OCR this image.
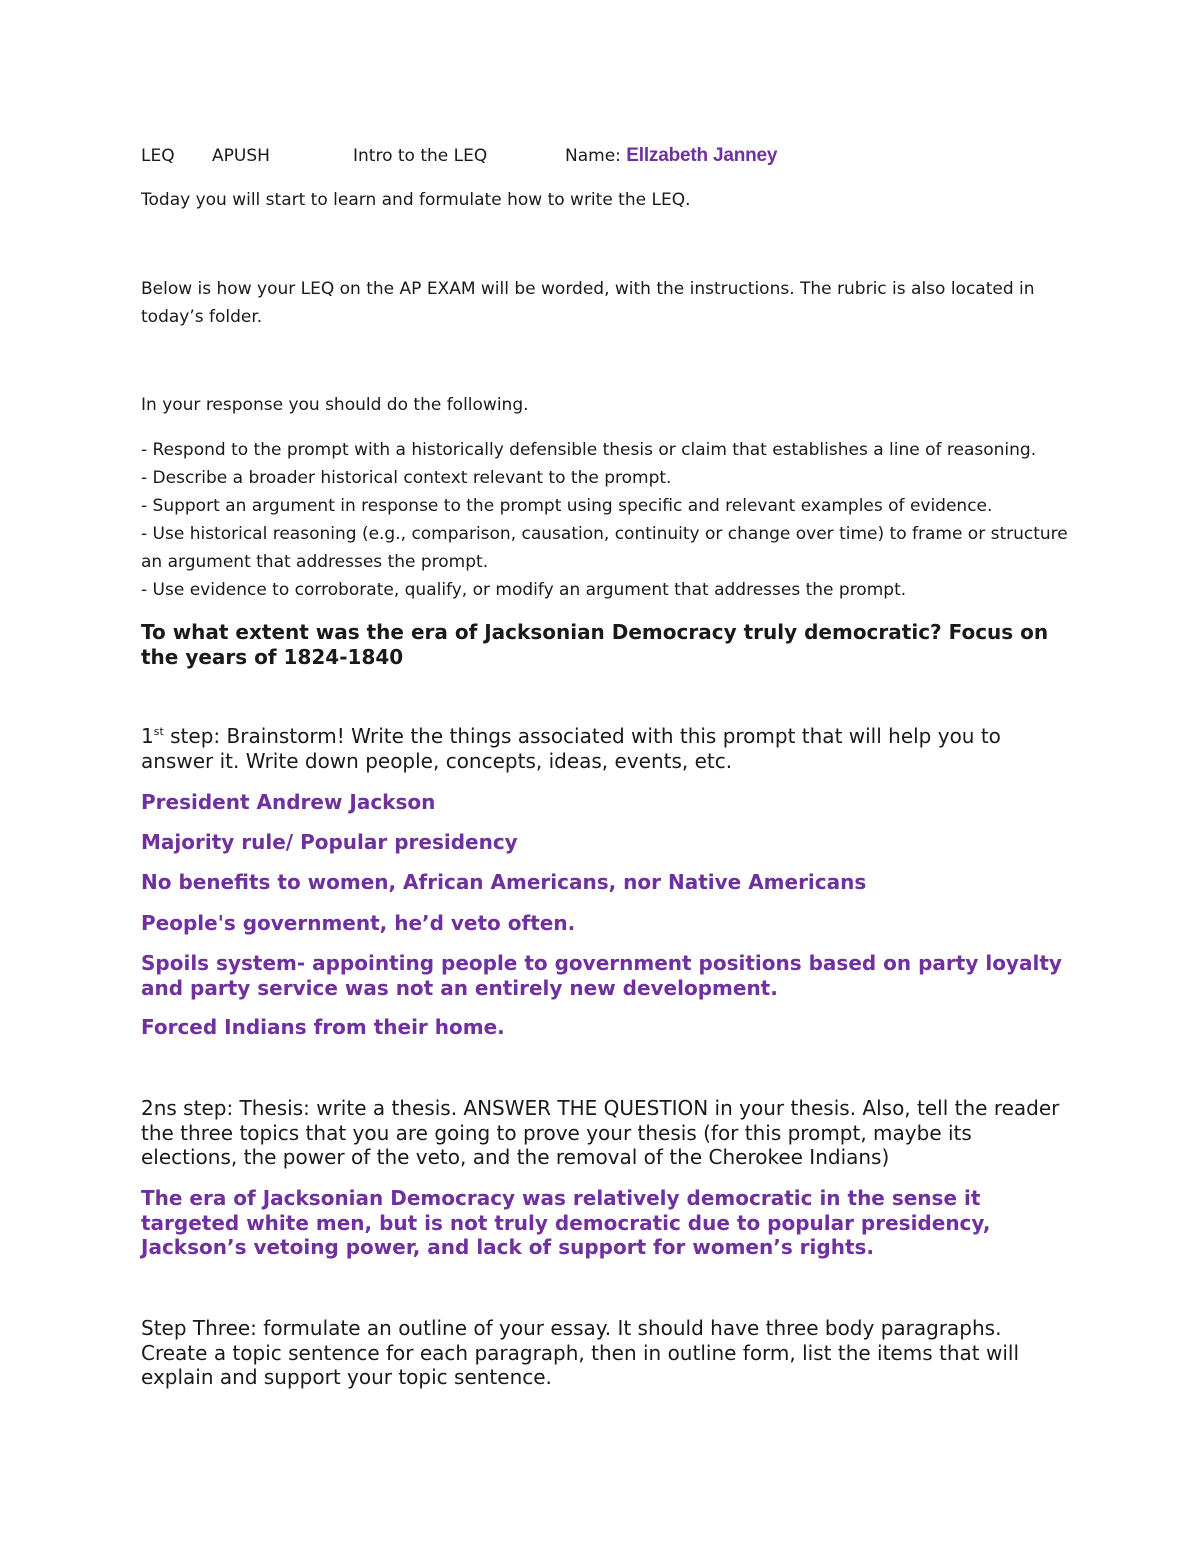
LEQ APUSH	Intro to the LEQ	Name: Ellzabeth Janney

Today you will start to learn and formulate how to write the LEQ.

Below is how your LEQ on the AP EXAM will be worded, with the instructions. The rubric is also located in today’s folder.

In your response you should do the following.

- Respond to the prompt with a historically defensible thesis or claim that establishes a line of reasoning.
- Describe a broader historical context relevant to the prompt.
- Support an argument in response to the prompt using specific and relevant examples of evidence.
- Use historical reasoning (e.g., comparison, causation, continuity or change over time) to frame or structure an argument that addresses the prompt.
- Use evidence to corroborate, qualify, or modify an argument that addresses the prompt.

To what extent was the era of Jacksonian Democracy truly democratic? Focus on the years of 1824-1840

1st step: Brainstorm! Write the things associated with this prompt that will help you to answer it. Write down people, concepts, ideas, events, etc.

President Andrew Jackson

Majority rule/ Popular presidency

No benefits to women, African Americans, nor Native Americans

People's government, he’d veto often.

Spoils system- appointing people to government positions based on party loyalty and party service was not an entirely new development.

Forced Indians from their home.

2ns step: Thesis: write a thesis. ANSWER THE QUESTION in your thesis. Also, tell the reader the three topics that you are going to prove your thesis (for this prompt, maybe its elections, the power of the veto, and the removal of the Cherokee Indians)

The era of Jacksonian Democracy was relatively democratic in the sense it targeted white men, but is not truly democratic due to popular presidency, Jackson’s vetoing power, and lack of support for women’s rights.

Step Three: formulate an outline of your essay. It should have three body paragraphs. Create a topic sentence for each paragraph, then in outline form, list the items that will explain and support your topic sentence.
